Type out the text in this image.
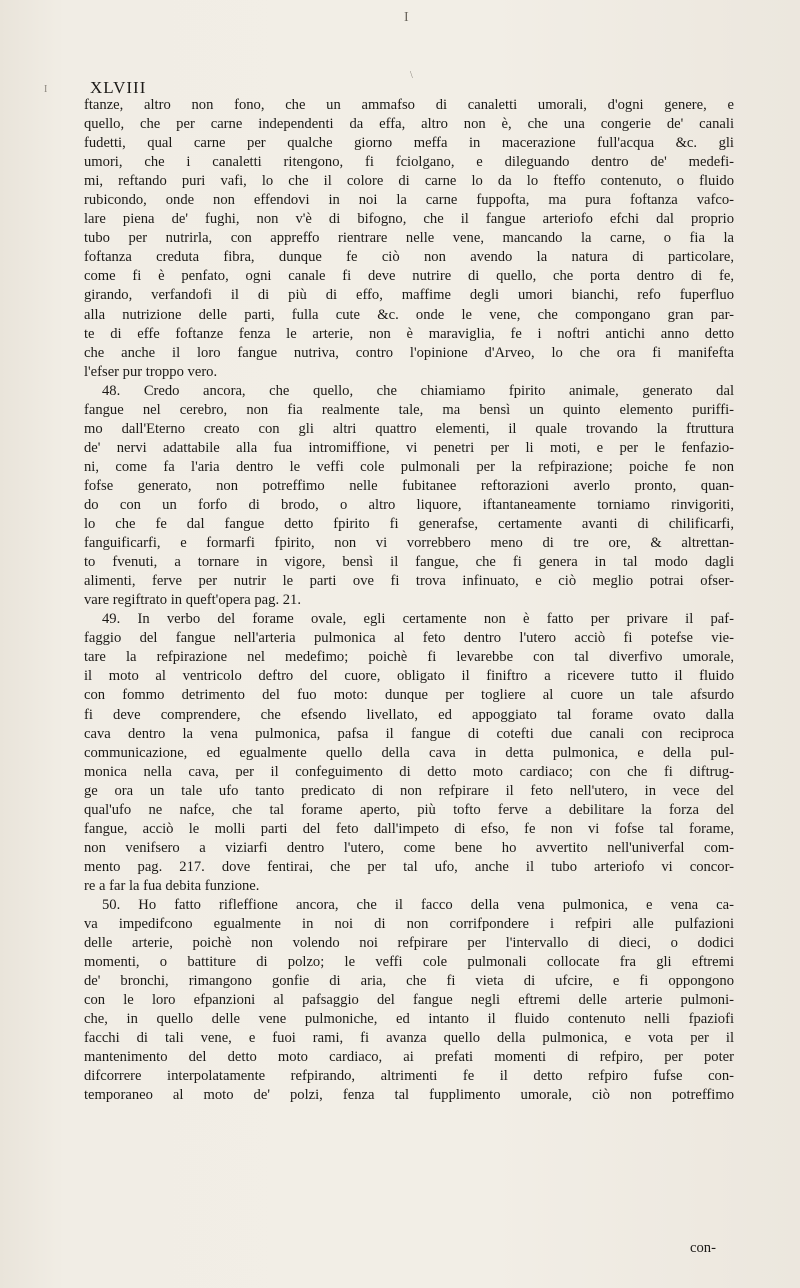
I
\
I	XLVIII
ftanze, altro non fono, che un ammafso di canaletti umorali, d'ogni genere, e
quello, che per carne independenti da effa, altro non è, che una congerie de' canali
fudetti, qual carne per qualche giorno meffa in macerazione full'acqua &c. gli
umori, che i canaletti ritengono, fi fciolgano, e dileguando dentro de' medefi-
mi, reftando puri vafi, lo che il colore di carne lo da lo fteffo contenuto, o fluido
rubicondo, onde non effendovi in noi la carne fuppofta, ma pura foftanza vafco-
lare piena de' fughi, non v'è di bifogno, che il fangue arteriofo efchi dal proprio
tubo per nutrirla, con appreffo rientrare nelle vene, mancando la carne, o fia la
foftanza creduta fibra, dunque fe ciò non avendo la natura di particolare,
come fi è penfato, ogni canale fi deve nutrire di quello, che porta dentro di fe,
girando, verfandofi il di più di effo, maffime degli umori bianchi, refo fuperfluo
alla nutrizione delle parti, fulla cute &c. onde le vene, che compongano gran par-
te di effe foftanze fenza le arterie, non è maraviglia, fe i noftri antichi anno detto
che anche il loro fangue nutriva, contro l'opinione d'Arveo, lo che ora fi manifefta
l'efser pur troppo vero.
48. Credo ancora, che quello, che chiamiamo fpirito animale, generato dal
fangue nel cerebro, non fia realmente tale, ma bensì un quinto elemento puriffi-
mo dall'Eterno creato con gli altri quattro elementi, il quale trovando la ftruttura
de' nervi adattabile alla fua intromiffione, vi penetri per li moti, e per le fenfazio-
ni, come fa l'aria dentro le veffi cole pulmonali per la refpirazione; poiche fe non
fofse generato, non potreffimo nelle fubitanee reftorazioni averlo pronto, quan-
do con un forfo di brodo, o altro liquore, iftantaneamente torniamo rinvigoriti,
lo che fe dal fangue detto fpirito fi generafse, certamente avanti di chilificarfi,
fanguificarfi, e formarfi fpirito, non vi vorrebbero meno di tre ore, & altrettan-
to fvenuti, a tornare in vigore, bensì il fangue, che fi genera in tal modo dagli
alimenti, ferve per nutrir le parti ove fi trova infinuato, e ciò meglio potrai ofser-
vare regiftrato in queft'opera pag. 21.
49. In verbo del forame ovale, egli certamente non è fatto per privare il paf-
faggio del fangue nell'arteria pulmonica al feto dentro l'utero acciò fi potefse vie-
tare la refpirazione nel medefimo; poichè fi levarebbe con tal diverfivo umorale,
il moto al ventricolo deftro del cuore, obligato il finiftro a ricevere tutto il fluido
con fommo detrimento del fuo moto: dunque per togliere al cuore un tale afsurdo
fi deve comprendere, che efsendo livellato, ed appoggiato tal forame ovato dalla
cava dentro la vena pulmonica, pafsa il fangue di cotefti due canali con reciproca
communicazione, ed egualmente quello della cava in detta pulmonica, e della pul-
monica nella cava, per il confeguimento di detto moto cardiaco; con che fi diftrug-
ge ora un tale ufo tanto predicato di non refpirare il feto nell'utero, in vece del
qual'ufo ne nafce, che tal forame aperto, più tofto ferve a debilitare la forza del
fangue, acciò le molli parti del feto dall'impeto di efso, fe non vi fofse tal forame,
non venifsero a viziarfi dentro l'utero, come bene ho avvertito nell'univerfal com-
mento pag. 217. dove fentirai, che per tal ufo, anche il tubo arteriofo vi concor-
re a far la fua debita funzione.
50. Ho fatto rifleffione ancora, che il facco della vena pulmonica, e vena ca-
va impedifcono egualmente in noi di non corrifpondere i refpiri alle pulfazioni
delle arterie, poichè non volendo noi refpirare per l'intervallo di dieci, o dodici
momenti, o battiture di polzo; le veffi cole pulmonali collocate fra gli eftremi
de' bronchi, rimangono gonfie di aria, che fi vieta di ufcire, e fi oppongono
con le loro efpanzioni al pafsaggio del fangue negli eftremi delle arterie pulmoni-
che, in quello delle vene pulmoniche, ed intanto il fluido contenuto nelli fpaziofi
facchi di tali vene, e fuoi rami, fi avanza quello della pulmonica, e vota per il
mantenimento del detto moto cardiaco, ai prefati momenti di refpiro, per poter
difcorrere interpolatamente refpirando, altrimenti fe il detto refpiro fufse con-
temporaneo al moto de' polzi, fenza tal fupplimento umorale, ciò non potreffimo
con-
